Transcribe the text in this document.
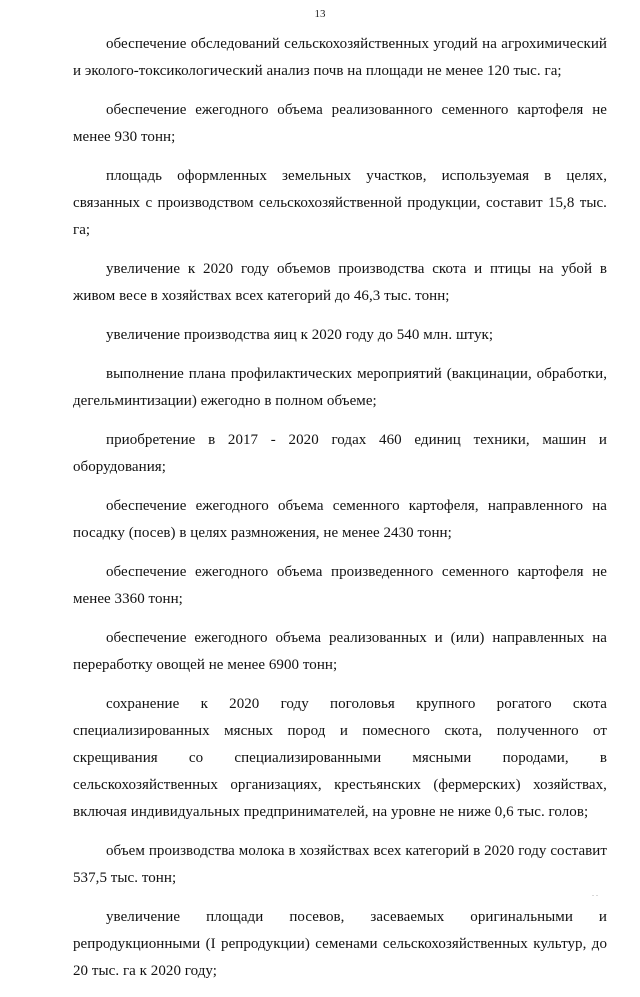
13

обеспечение обследований сельскохозяйственных угодий на агрохимический и эколого-токсикологический анализ почв на площади не менее 120 тыс. га;

обеспечение ежегодного объема реализованного семенного картофеля не менее 930 тонн;

площадь оформленных земельных участков, используемая в целях, связанных с производством сельскохозяйственной продукции, составит 15,8 тыс. га;

увеличение к 2020 году объемов производства скота и птицы на убой в живом весе в хозяйствах всех категорий до 46,3 тыс. тонн;

увеличение производства яиц к 2020 году до 540 млн. штук;

выполнение плана профилактических мероприятий (вакцинации, обработки, дегельминтизации) ежегодно в полном объеме;

приобретение в 2017 - 2020 годах 460 единиц техники, машин и оборудования;

обеспечение ежегодного объема семенного картофеля, направленного на посадку (посев) в целях размножения, не менее 2430 тонн;

обеспечение ежегодного объема произведенного семенного картофеля не менее 3360 тонн;

обеспечение ежегодного объема реализованных и (или) направленных на переработку овощей не менее 6900 тонн;

сохранение к 2020 году поголовья крупного рогатого скота специализированных мясных пород и помесного скота, полученного от скрещивания со специализированными мясными породами, в сельскохозяйственных организациях, крестьянских (фермерских) хозяйствах, включая индивидуальных предпринимателей, на уровне не ниже 0,6 тыс. голов;

объем производства молока в хозяйствах всех категорий в 2020 году составит 537,5 тыс. тонн;

увеличение площади посевов, засеваемых оригинальными и репродукционными (I репродукции) семенами сельскохозяйственных культур, до 20 тыс. га к 2020 году;

. .
